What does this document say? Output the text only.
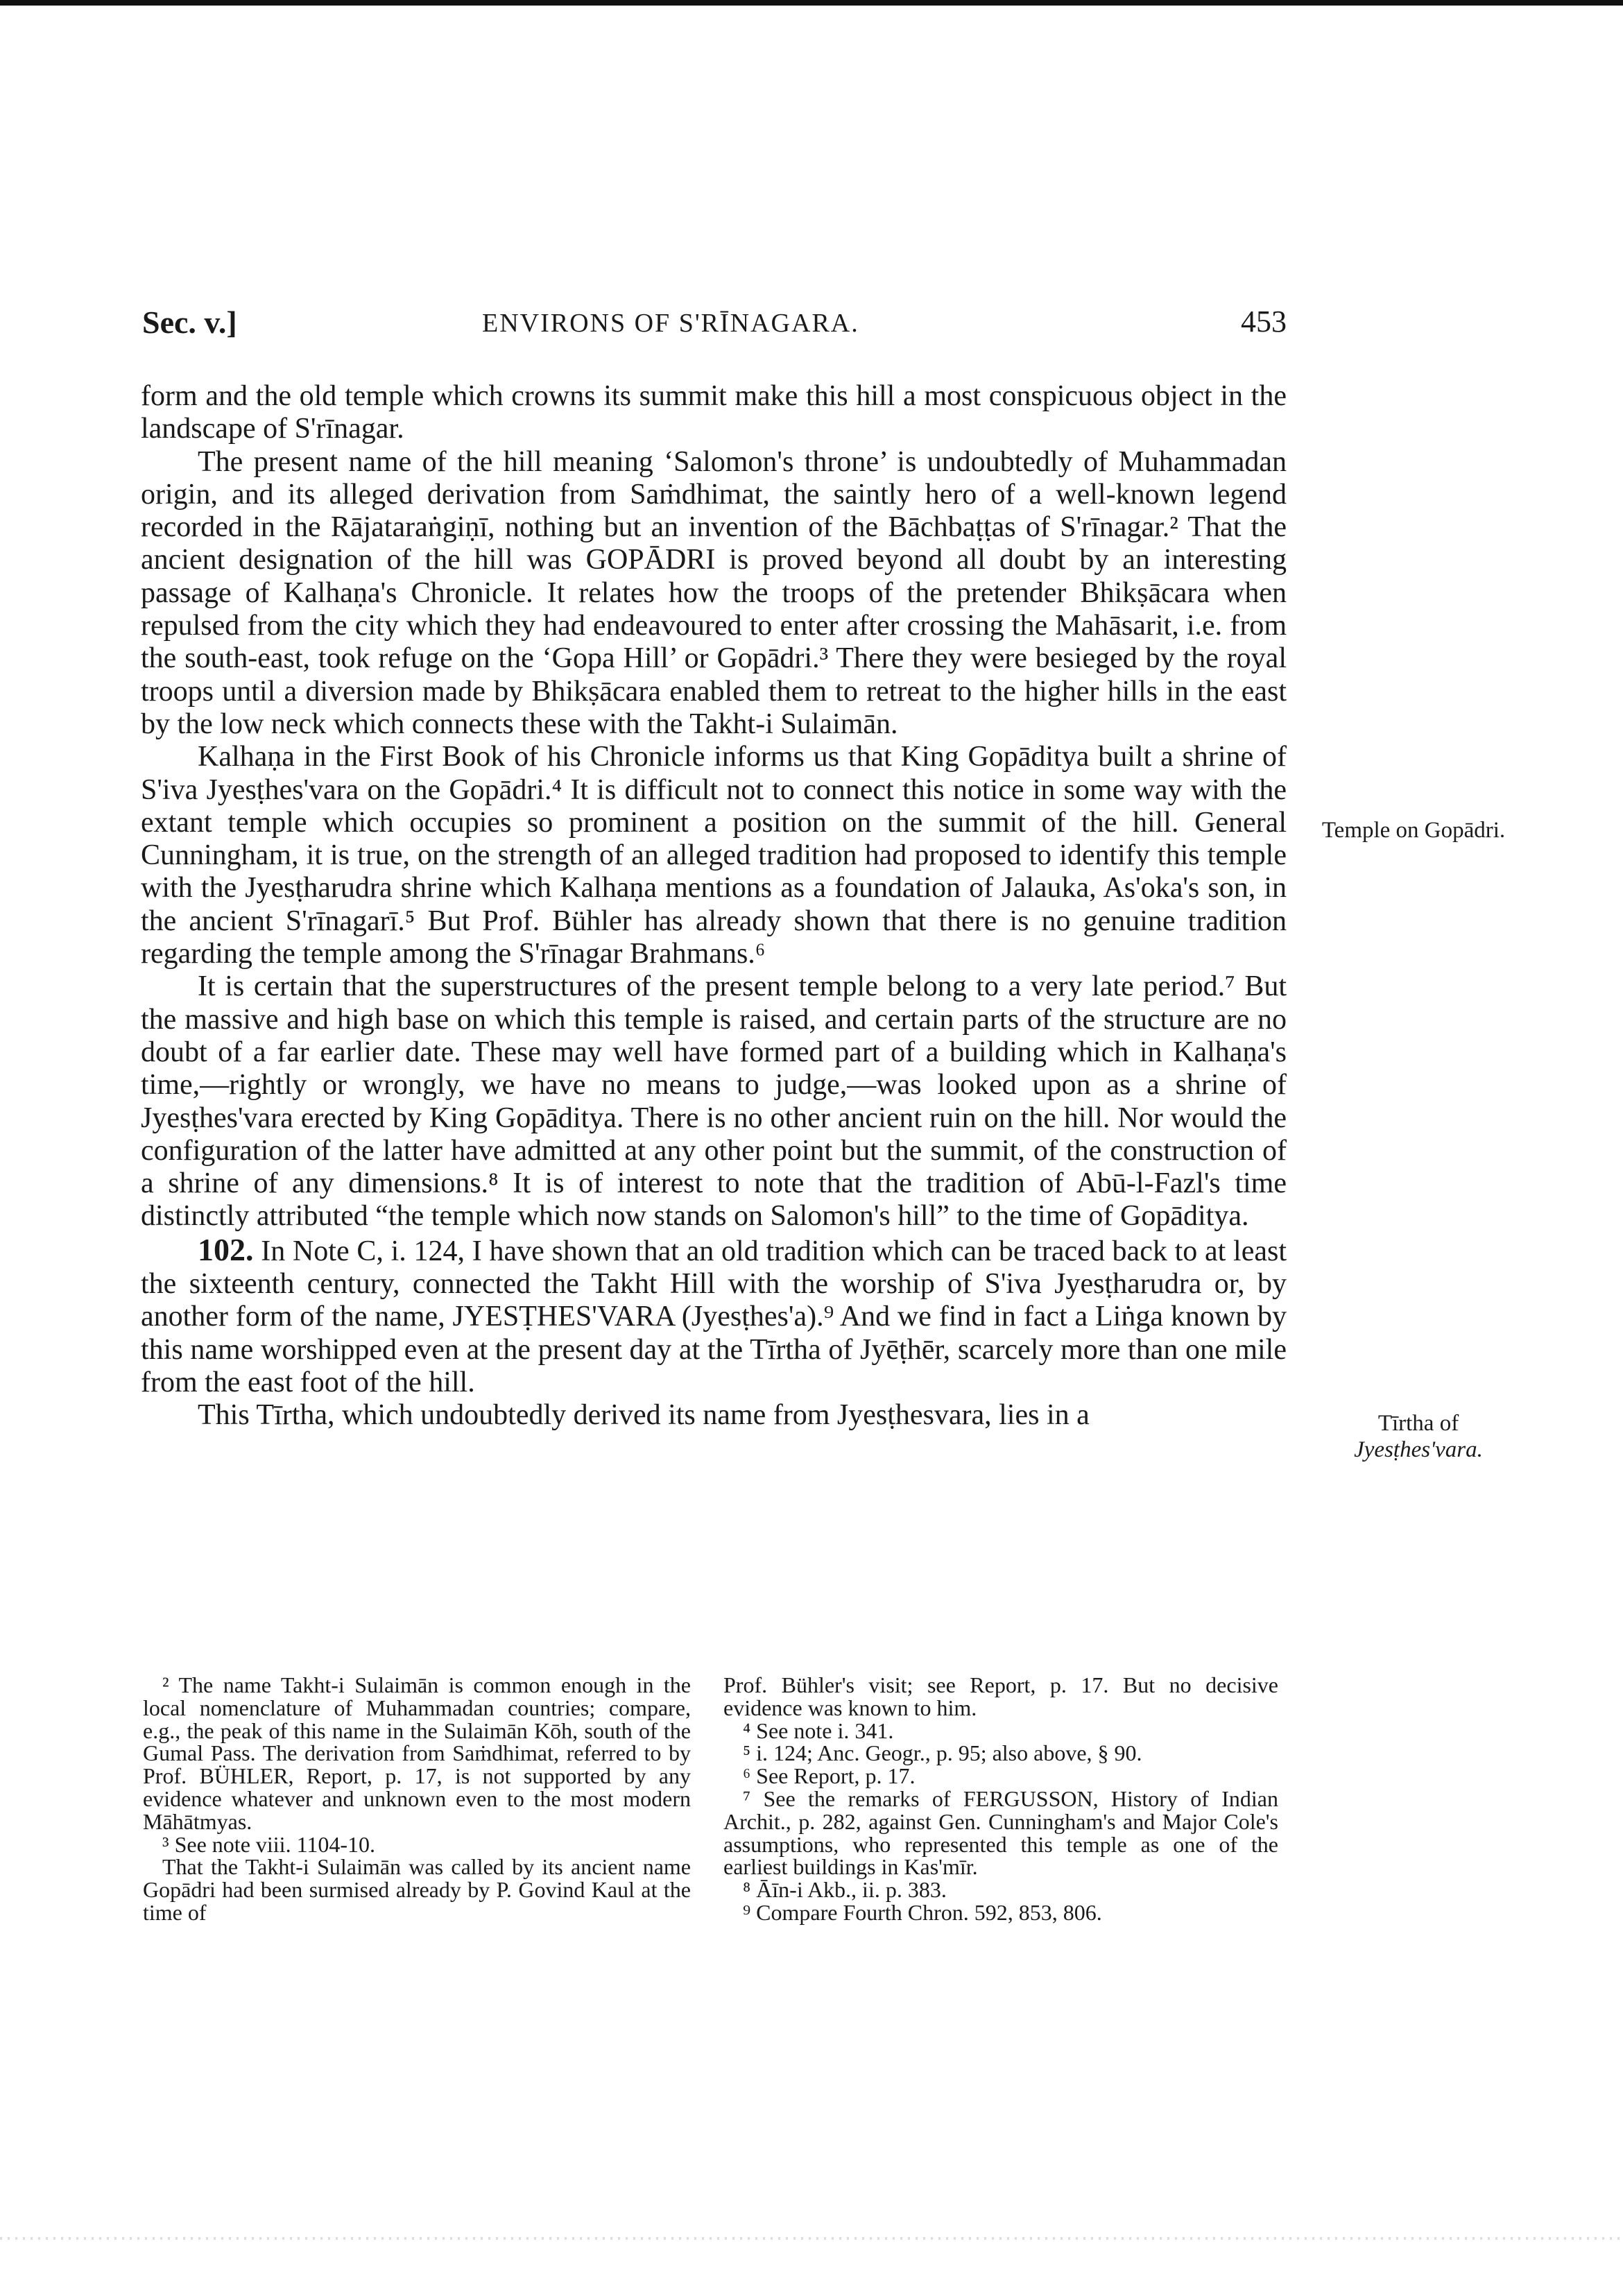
Sec. v.]	ENVIRONS OF S'RĪNAGARA.	453

form and the old temple which crowns its summit make this hill a most conspicuous object in the landscape of S'rīnagar.

The present name of the hill meaning ‘Salomon's throne’ is undoubtedly of Muhammadan origin, and its alleged derivation from Saṁdhimat, the saintly hero of a well-known legend recorded in the Rājataraṅgiṇī, nothing but an invention of the Bāchbaṭṭas of S'rīnagar.² That the ancient designation of the hill was GOPĀDRI is proved beyond all doubt by an interesting passage of Kalhaṇa's Chronicle. It relates how the troops of the pretender Bhikṣācara when repulsed from the city which they had endeavoured to enter after crossing the Mahāsarit, i.e. from the south-east, took refuge on the ‘Gopa Hill’ or Gopādri.³ There they were besieged by the royal troops until a diversion made by Bhikṣācara enabled them to retreat to the higher hills in the east by the low neck which connects these with the Takht-i Sulaimān.

Kalhaṇa in the First Book of his Chronicle informs us that King Gopāditya built a shrine of S'iva Jyesṭhes'vara on the Gopādri.⁴ It is difficult not to connect this notice in some way with the extant temple which occupies so prominent a position on the summit of the hill. General Cunningham, it is true, on the strength of an alleged tradition had proposed to identify this temple with the Jyesṭharudra shrine which Kalhaṇa mentions as a foundation of Jalauka, As'oka's son, in the ancient S'rīnagarī.⁵ But Prof. Bühler has already shown that there is no genuine tradition regarding the temple among the S'rīnagar Brahmans.⁶

It is certain that the superstructures of the present temple belong to a very late period.⁷ But the massive and high base on which this temple is raised, and certain parts of the structure are no doubt of a far earlier date. These may well have formed part of a building which in Kalhaṇa's time,—rightly or wrongly, we have no means to judge,—was looked upon as a shrine of Jyesṭhes'vara erected by King Gopāditya. There is no other ancient ruin on the hill. Nor would the configuration of the latter have admitted at any other point but the summit, of the construction of a shrine of any dimensions.⁸ It is of interest to note that the tradition of Abū-l-Fazl's time distinctly attributed “the temple which now stands on Salomon's hill” to the time of Gopāditya.

102. In Note C, i. 124, I have shown that an old tradition which can be traced back to at least the sixteenth century, connected the Takht Hill with the worship of S'iva Jyesṭharudra or, by another form of the name, JYESṬHES'VARA (Jyesṭhes'a).⁹ And we find in fact a Liṅga known by this name worshipped even at the present day at the Tīrtha of Jyēṭhēr, scarcely more than one mile from the east foot of the hill.

This Tīrtha, which undoubtedly derived its name from Jyesṭhesvara, lies in a

Temple on Gopādri.
Tīrtha of
Jyesṭhes'vara.

² The name Takht-i Sulaimān is common enough in the local nomenclature of Muhammadan countries; compare, e.g., the peak of this name in the Sulaimān Kōh, south of the Gumal Pass. The derivation from Saṁdhimat, referred to by Prof. BÜHLER, Report, p. 17, is not supported by any evidence whatever and unknown even to the most modern Māhātmyas.

³ See note viii. 1104-10.

That the Takht-i Sulaimān was called by its ancient name Gopādri had been surmised already by P. Govind Kaul at the time of

Prof. Bühler's visit; see Report, p. 17. But no decisive evidence was known to him.

⁴ See note i. 341.

⁵ i. 124; Anc. Geogr., p. 95; also above, § 90.

⁶ See Report, p. 17.

⁷ See the remarks of FERGUSSON, History of Indian Archit., p. 282, against Gen. Cunningham's and Major Cole's assumptions, who represented this temple as one of the earliest buildings in Kas'mīr.

⁸ Āīn-i Akb., ii. p. 383.

⁹ Compare Fourth Chron. 592, 853, 806.
